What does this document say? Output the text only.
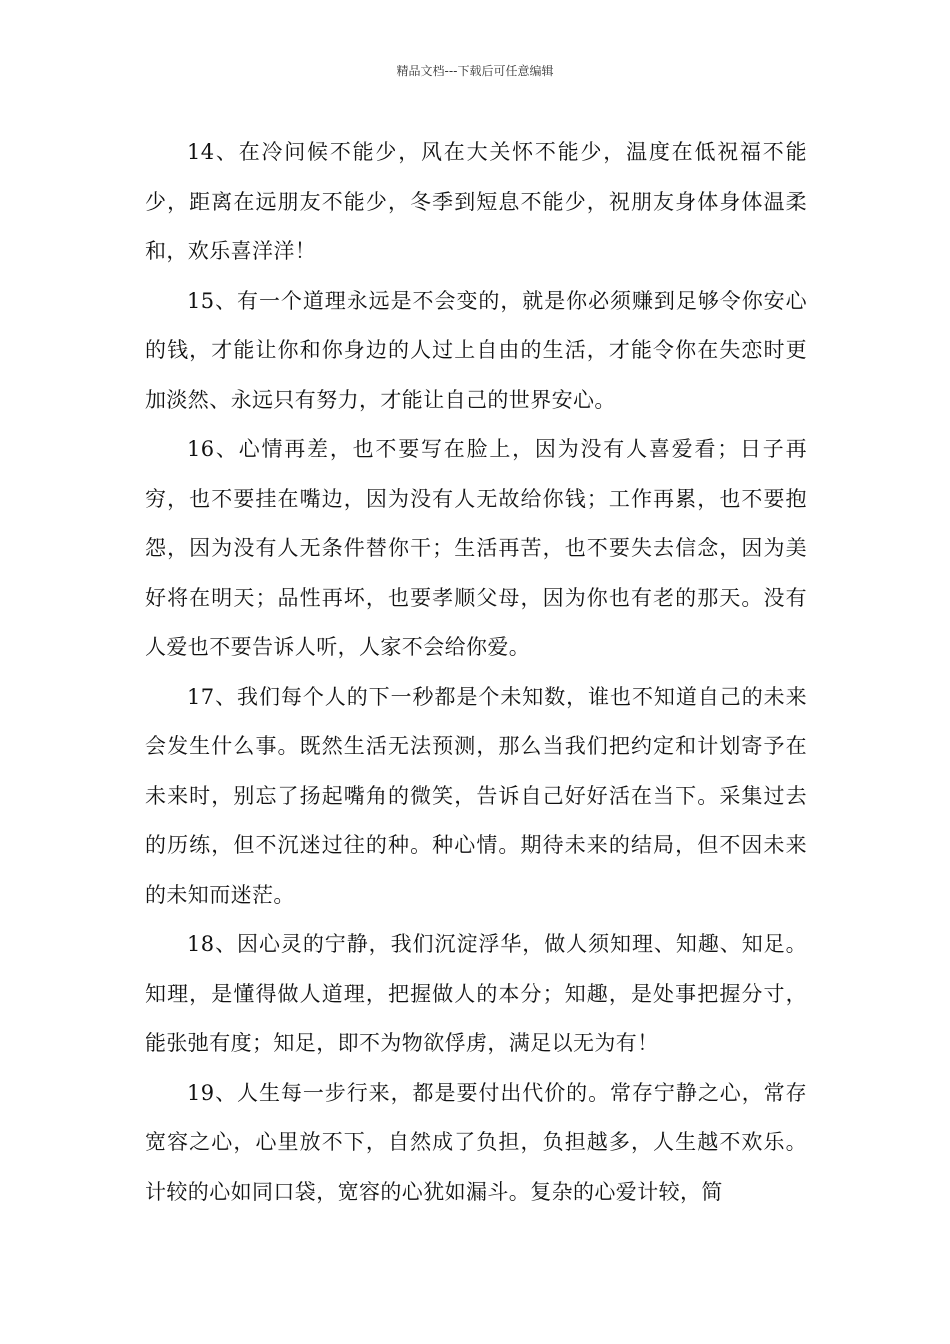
精品文档---下载后可任意编辑

14、在冷问候不能少，风在大关怀不能少，温度在低祝福不能少，距离在远朋友不能少，冬季到短息不能少，祝朋友身体身体温柔和，欢乐喜洋洋！

15、有一个道理永远是不会变的，就是你必须赚到足够令你安心的钱，才能让你和你身边的人过上自由的生活，才能令你在失恋时更加淡然、永远只有努力，才能让自己的世界安心。

16、心情再差，也不要写在脸上，因为没有人喜爱看；日子再穷，也不要挂在嘴边，因为没有人无故给你钱；工作再累，也不要抱怨，因为没有人无条件替你干；生活再苦，也不要失去信念，因为美好将在明天；品性再坏，也要孝顺父母，因为你也有老的那天。没有人爱也不要告诉人听，人家不会给你爱。

17、我们每个人的下一秒都是个未知数，谁也不知道自己的未来会发生什么事。既然生活无法预测，那么当我们把约定和计划寄予在未来时，别忘了扬起嘴角的微笑，告诉自己好好活在当下。采集过去的历练，但不沉迷过往的种。种心情。期待未来的结局，但不因未来的未知而迷茫。

18、因心灵的宁静，我们沉淀浮华，做人须知理、知趣、知足。知理，是懂得做人道理，把握做人的本分；知趣，是处事把握分寸，能张弛有度；知足，即不为物欲俘虏，满足以无为有！

19、人生每一步行来，都是要付出代价的。常存宁静之心，常存宽容之心，心里放不下，自然成了负担，负担越多，人生越不欢乐。计较的心如同口袋，宽容的心犹如漏斗。复杂的心爱计较，简
